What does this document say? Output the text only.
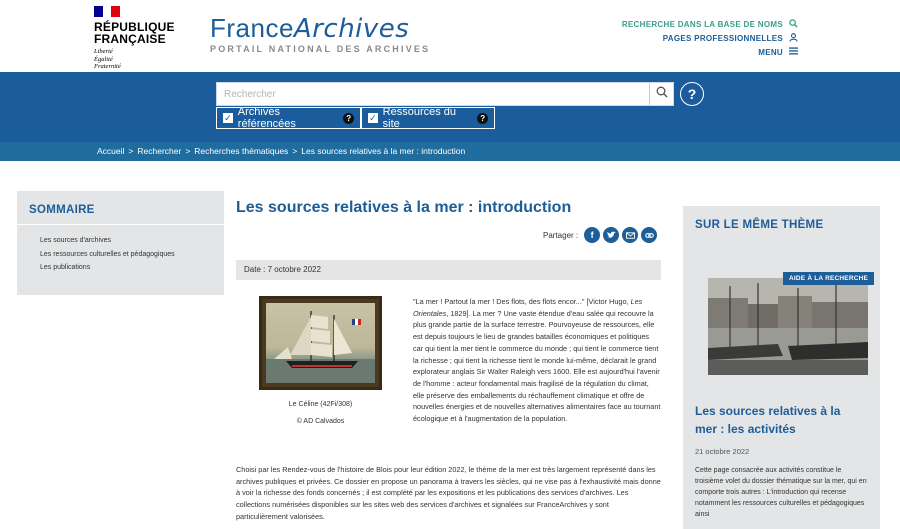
RÉPUBLIQUE
FRANÇAISE
Liberté
Égalité
Fraternité
FranceArchives
PORTAIL NATIONAL DES ARCHIVES
RECHERCHE DANS LA BASE DE NOMS
PAGES PROFESSIONNELLES
MENU
Rechercher
?
✓ Archives référencées	?	✓ Ressources du site	?
Accueil > Rechercher > Recherches thématiques > Les sources relatives à la mer : introduction
SOMMAIRE
Les sources d'archives
Les ressources culturelles et pédagogiques
Les publications
Les sources relatives à la mer : introduction
Partager :	f
Date : 7 octobre 2022
Le Céline (42Fi/308)
© AD Calvados

"La mer ! Partout la mer ! Des flots, des flots encor..." [Victor Hugo, Les Orientales, 1829]. La mer ? Une vaste étendue d'eau salée qui recouvre la plus grande partie de la surface terrestre. Pourvoyeuse de ressources, elle est depuis toujours le lieu de grandes batailles économiques et politiques car qui tient la mer tient le commerce du monde ; qui tient le commerce tient la richesse ; qui tient la richesse tient le monde lui-même, déclarait le grand explorateur anglais Sir Walter Raleigh vers 1600. Elle est aujourd'hui l'avenir de l'homme : acteur fondamental mais fragilisé de la régulation du climat, elle préserve des emballements du réchauffement climatique et offre de nouvelles énergies et de nouvelles alternatives alimentaires face au tournant écologique et à l'augmentation de la population.

Choisi par les Rendez-vous de l'histoire de Blois pour leur édition 2022, le thème de la mer est très largement représenté dans les archives publiques et privées. Ce dossier en propose un panorama à travers les siècles, qui ne vise pas à l'exhaustivité mais donne à voir la richesse des fonds concernés ; il est complété par les expositions et les publications des services d'archives. Les collections numérisées disponibles sur les sites web des services d'archives et signalées sur FranceArchives y sont particulièrement valorisées.

SUR LE MÊME THÈME
AIDE À LA RECHERCHE
Les sources relatives à la mer : les activités
21 octobre 2022
Cette page consacrée aux activités constitue le troisième volet du dossier thématique sur la mer, qui en comporte trois autres : L'introduction qui recense notamment les ressources culturelles et pédagogiques ainsi
